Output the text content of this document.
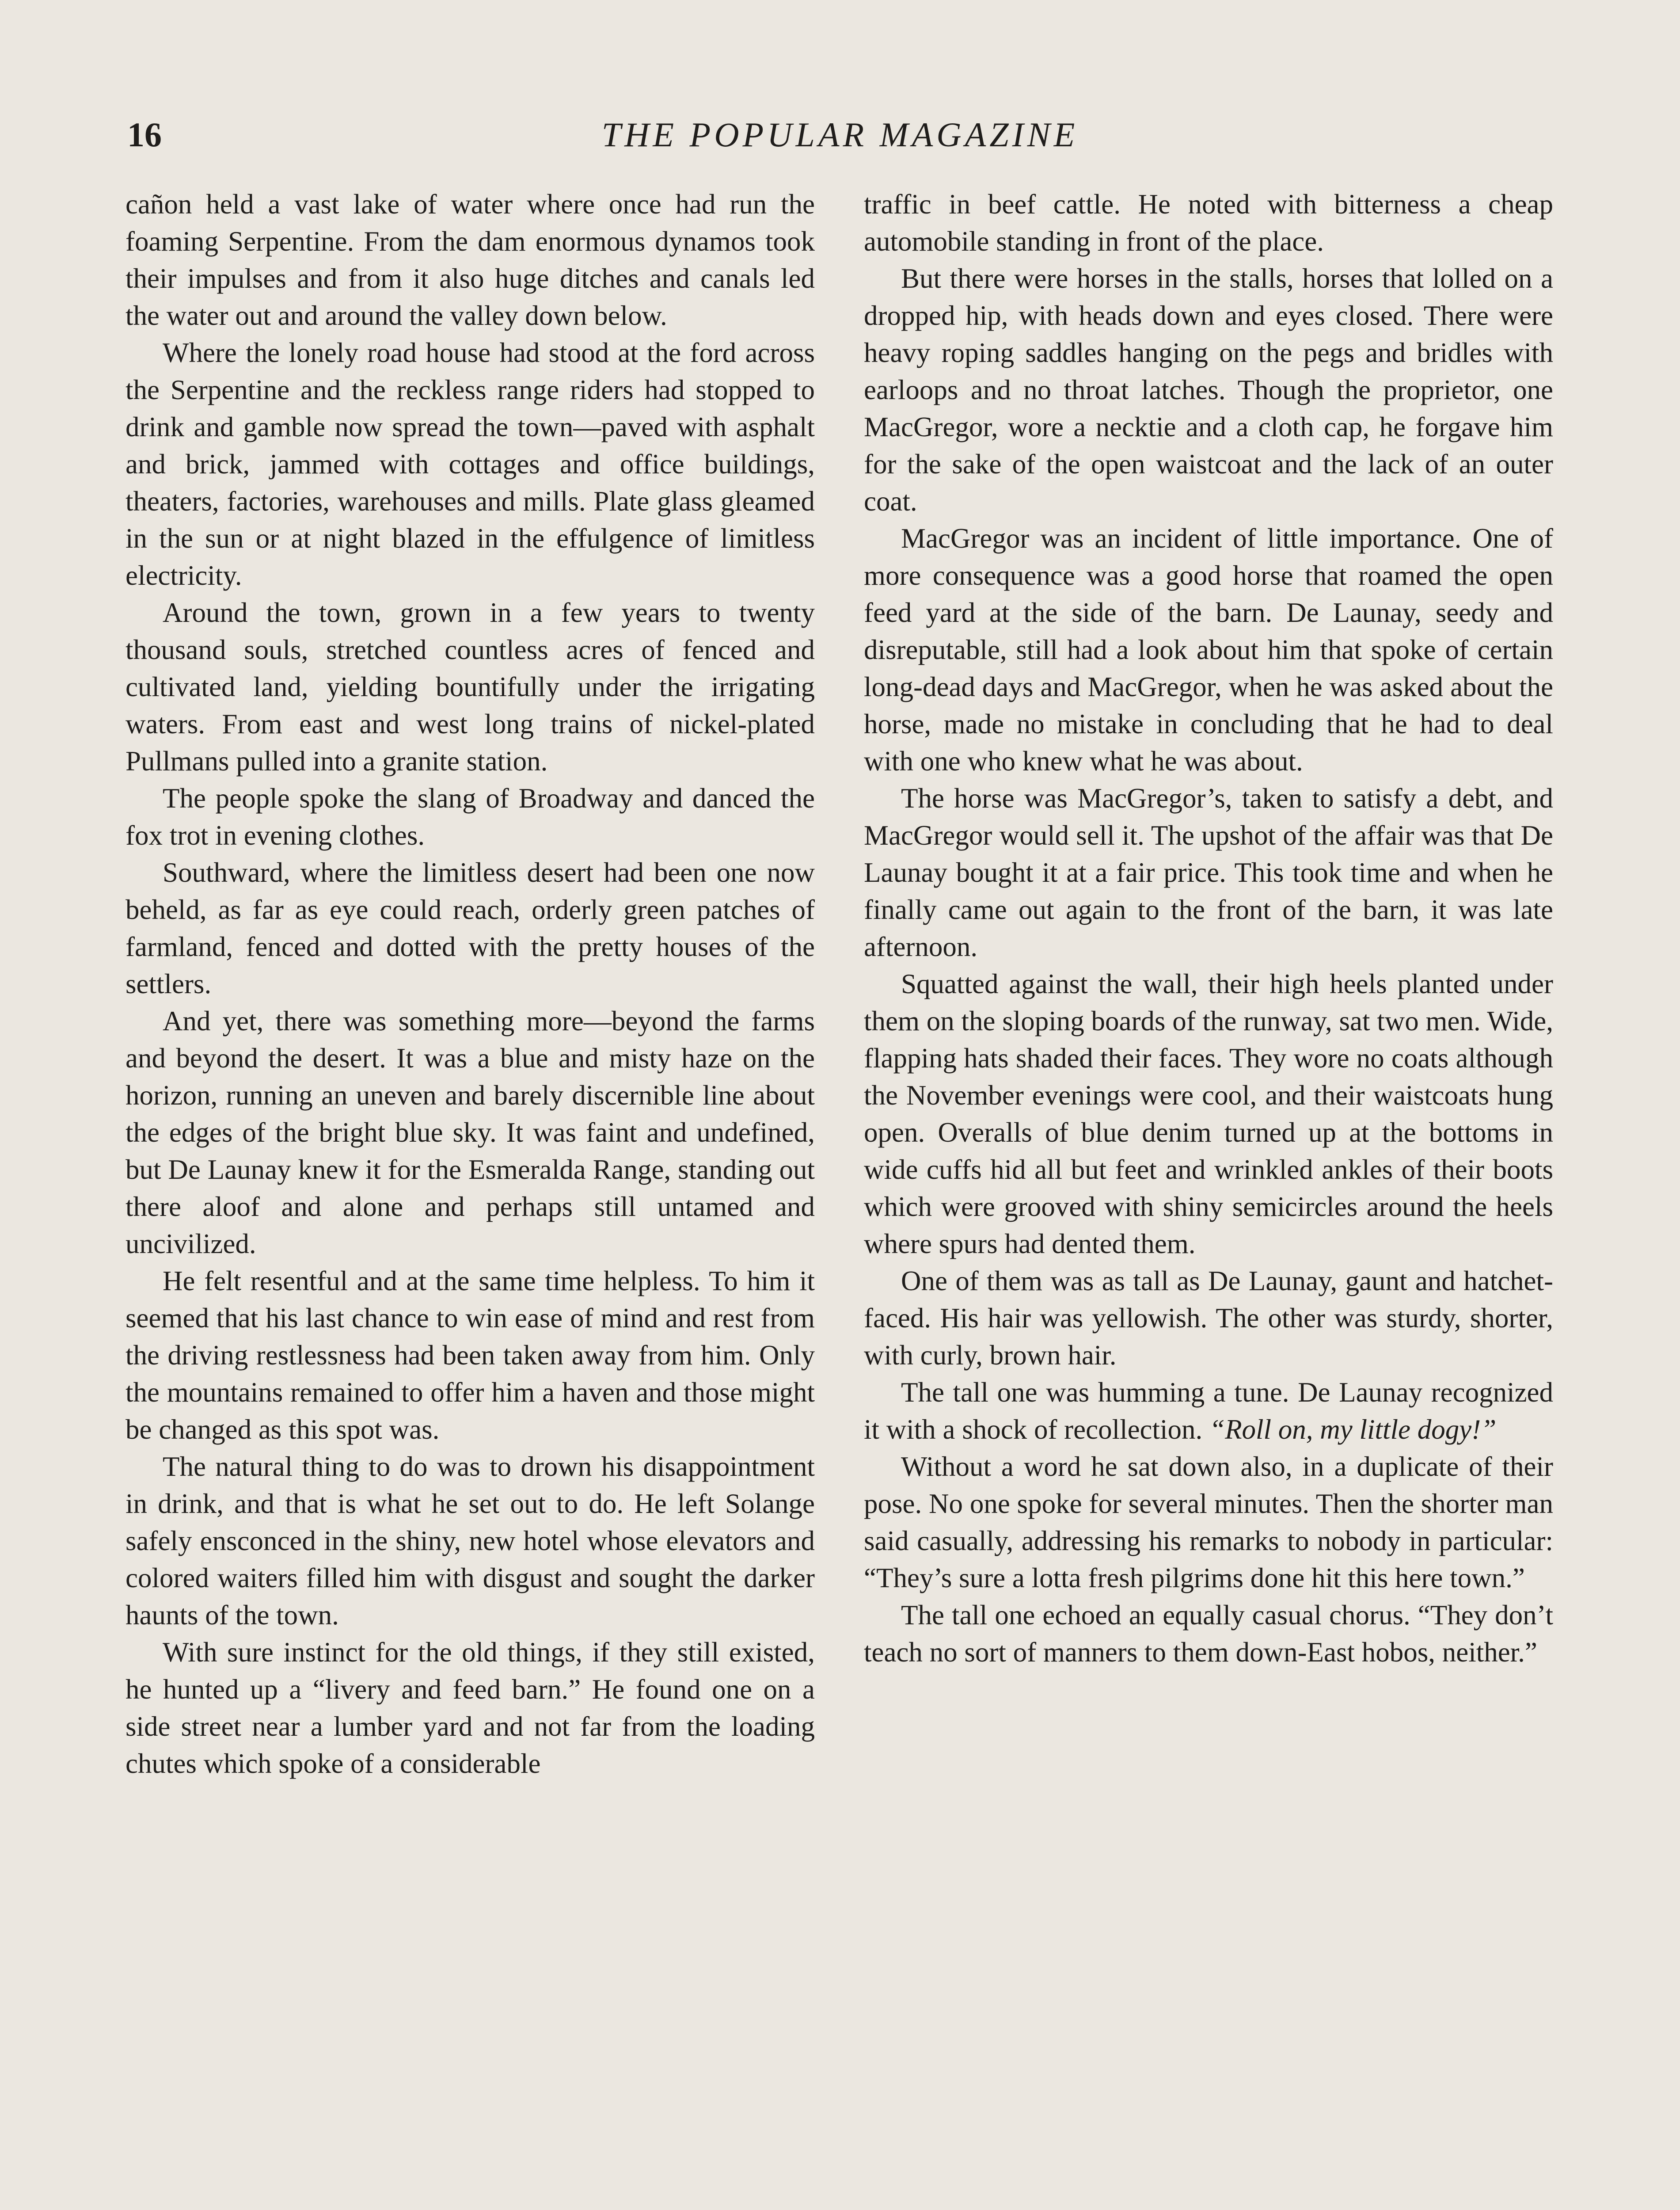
16	THE POPULAR MAGAZINE

cañon held a vast lake of water where once had run the foaming Serpentine. From the dam enormous dynamos took their impulses and from it also huge ditches and canals led the water out and around the valley down below.

Where the lonely road house had stood at the ford across the Serpentine and the reckless range riders had stopped to drink and gamble now spread the town—paved with asphalt and brick, jammed with cottages and office buildings, theaters, factories, warehouses and mills. Plate glass gleamed in the sun or at night blazed in the effulgence of limitless electricity.

Around the town, grown in a few years to twenty thousand souls, stretched countless acres of fenced and cultivated land, yielding bountifully under the irrigating waters. From east and west long trains of nickel-plated Pullmans pulled into a granite station.

The people spoke the slang of Broadway and danced the fox trot in evening clothes.

Southward, where the limitless desert had been one now beheld, as far as eye could reach, orderly green patches of farmland, fenced and dotted with the pretty houses of the settlers.

And yet, there was something more—beyond the farms and beyond the desert. It was a blue and misty haze on the horizon, running an uneven and barely discernible line about the edges of the bright blue sky. It was faint and undefined, but De Launay knew it for the Esmeralda Range, standing out there aloof and alone and perhaps still untamed and uncivilized.

He felt resentful and at the same time helpless. To him it seemed that his last chance to win ease of mind and rest from the driving restlessness had been taken away from him. Only the mountains remained to offer him a haven and those might be changed as this spot was.

The natural thing to do was to drown his disappointment in drink, and that is what he set out to do. He left Solange safely ensconced in the shiny, new hotel whose elevators and colored waiters filled him with disgust and sought the darker haunts of the town.

With sure instinct for the old things, if they still existed, he hunted up a “livery and feed barn.” He found one on a side street near a lumber yard and not far from the loading chutes which spoke of a considerable

traffic in beef cattle. He noted with bitterness a cheap automobile standing in front of the place.

But there were horses in the stalls, horses that lolled on a dropped hip, with heads down and eyes closed. There were heavy roping saddles hanging on the pegs and bridles with earloops and no throat latches. Though the proprietor, one MacGregor, wore a necktie and a cloth cap, he forgave him for the sake of the open waistcoat and the lack of an outer coat.

MacGregor was an incident of little importance. One of more consequence was a good horse that roamed the open feed yard at the side of the barn. De Launay, seedy and disreputable, still had a look about him that spoke of certain long-dead days and MacGregor, when he was asked about the horse, made no mistake in concluding that he had to deal with one who knew what he was about.

The horse was MacGregor’s, taken to satisfy a debt, and MacGregor would sell it. The upshot of the affair was that De Launay bought it at a fair price. This took time and when he finally came out again to the front of the barn, it was late afternoon.

Squatted against the wall, their high heels planted under them on the sloping boards of the runway, sat two men. Wide, flapping hats shaded their faces. They wore no coats although the November evenings were cool, and their waistcoats hung open. Overalls of blue denim turned up at the bottoms in wide cuffs hid all but feet and wrinkled ankles of their boots which were grooved with shiny semicircles around the heels where spurs had dented them.

One of them was as tall as De Launay, gaunt and hatchet-faced. His hair was yellowish. The other was sturdy, shorter, with curly, brown hair.

The tall one was humming a tune. De Launay recognized it with a shock of recollection. “Roll on, my little dogy!”

Without a word he sat down also, in a duplicate of their pose. No one spoke for several minutes. Then the shorter man said casually, addressing his remarks to nobody in particular: “They’s sure a lotta fresh pilgrims done hit this here town.”

The tall one echoed an equally casual chorus. “They don’t teach no sort of manners to them down-East hobos, neither.”
